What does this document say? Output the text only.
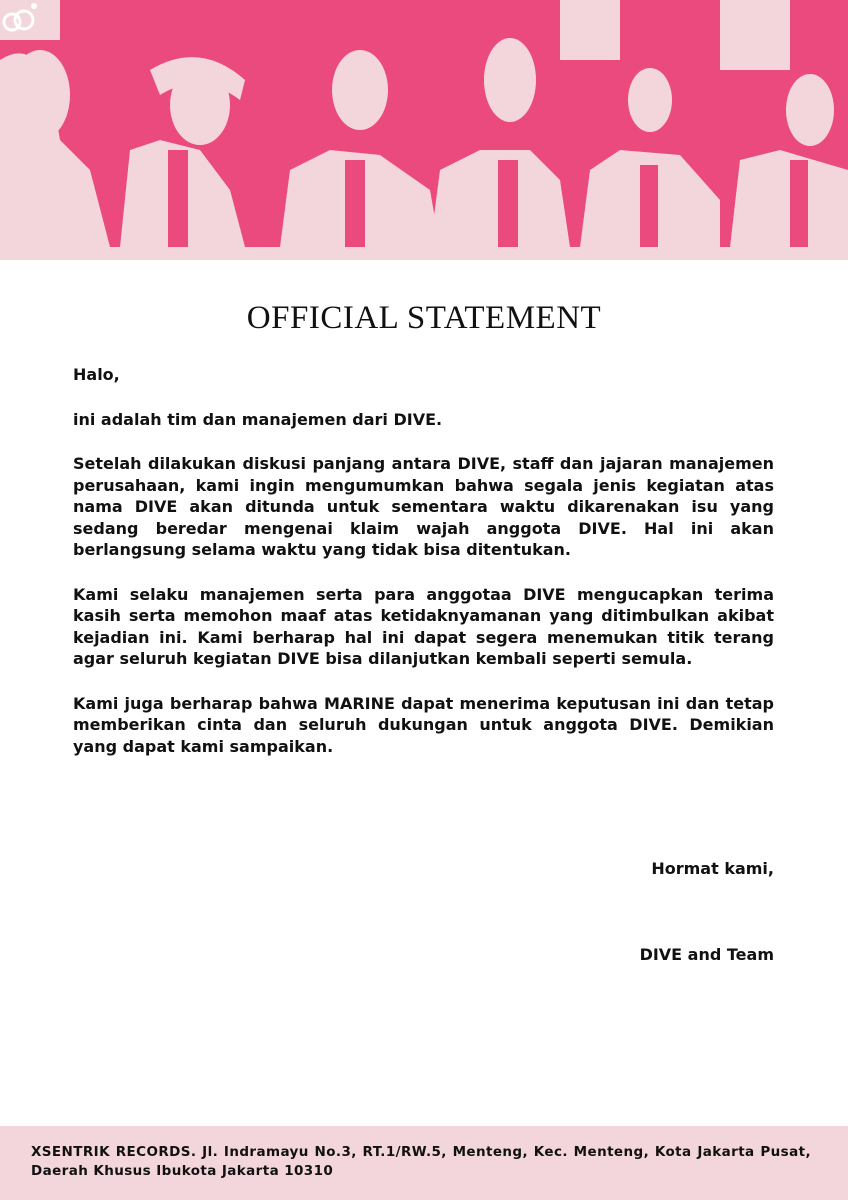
OFFICIAL STATEMENT

Halo,

ini adalah tim dan manajemen dari DIVE.

Setelah dilakukan diskusi panjang antara DIVE, staff dan jajaran manajemen perusahaan, kami ingin mengumumkan bahwa segala jenis kegiatan atas nama DIVE akan ditunda untuk sementara waktu dikarenakan isu yang sedang beredar mengenai klaim wajah anggota DIVE. Hal ini akan berlangsung selama waktu yang tidak bisa ditentukan.

Kami selaku manajemen serta para anggotaa DIVE mengucapkan terima kasih serta memohon maaf atas ketidaknyamanan yang ditimbulkan akibat kejadian ini. Kami berharap hal ini dapat segera menemukan titik terang agar seluruh kegiatan DIVE bisa dilanjutkan kembali seperti semula.

Kami juga berharap bahwa MARINE dapat menerima keputusan ini dan tetap memberikan cinta dan seluruh dukungan untuk anggota DIVE. Demikian yang dapat kami sampaikan.

Hormat kami,
DIVE and Team
XSENTRIK RECORDS. Jl. Indramayu No.3, RT.1/RW.5, Menteng, Kec. Menteng, Kota Jakarta Pusat, Daerah Khusus Ibukota Jakarta 10310
